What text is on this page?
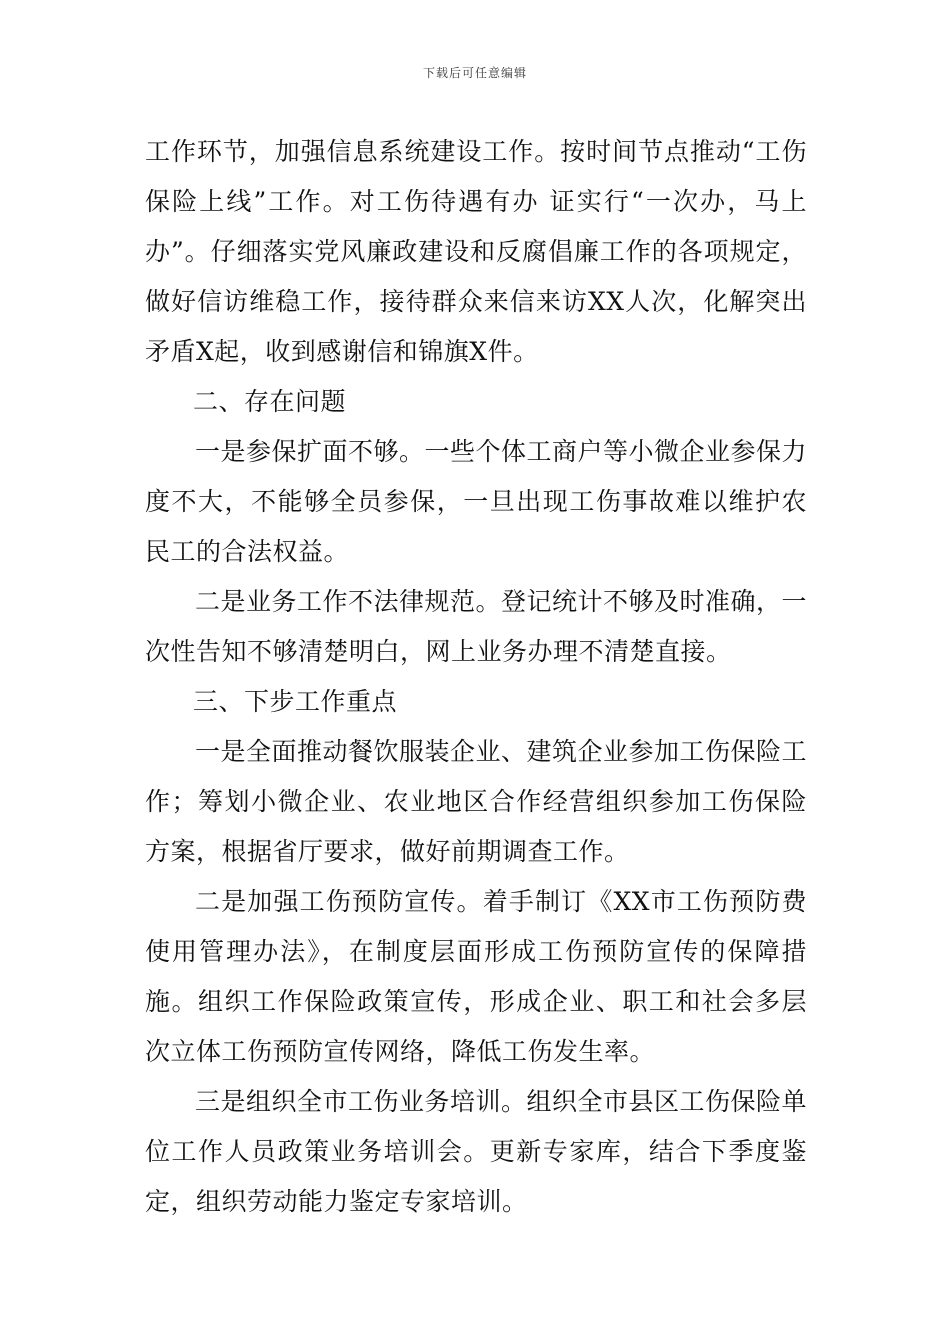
下载后可任意编辑

工作环节，加强信息系统建设工作。按时间节点推动“工伤保险上线”工作。对工伤待遇有办 证实行“一次办，马上办”。仔细落实党风廉政建设和反腐倡廉工作的各项规定，做好信访维稳工作，接待群众来信来访XX人次，化解突出矛盾X起，收到感谢信和锦旗X件。

二、存在问题

一是参保扩面不够。一些个体工商户等小微企业参保力度不大，不能够全员参保，一旦出现工伤事故难以维护农民工的合法权益。

二是业务工作不法律规范。登记统计不够及时准确，一次性告知不够清楚明白，网上业务办理不清楚直接。

三、下步工作重点

一是全面推动餐饮服装企业、建筑企业参加工伤保险工作；筹划小微企业、农业地区合作经营组织参加工伤保险方案，根据省厅要求，做好前期调查工作。

二是加强工伤预防宣传。着手制订《XX市工伤预防费使用管理办法》，在制度层面形成工伤预防宣传的保障措施。组织工作保险政策宣传，形成企业、职工和社会多层次立体工伤预防宣传网络，降低工伤发生率。

三是组织全市工伤业务培训。组织全市县区工伤保险单位工作人员政策业务培训会。更新专家库，结合下季度鉴定，组织劳动能力鉴定专家培训。
